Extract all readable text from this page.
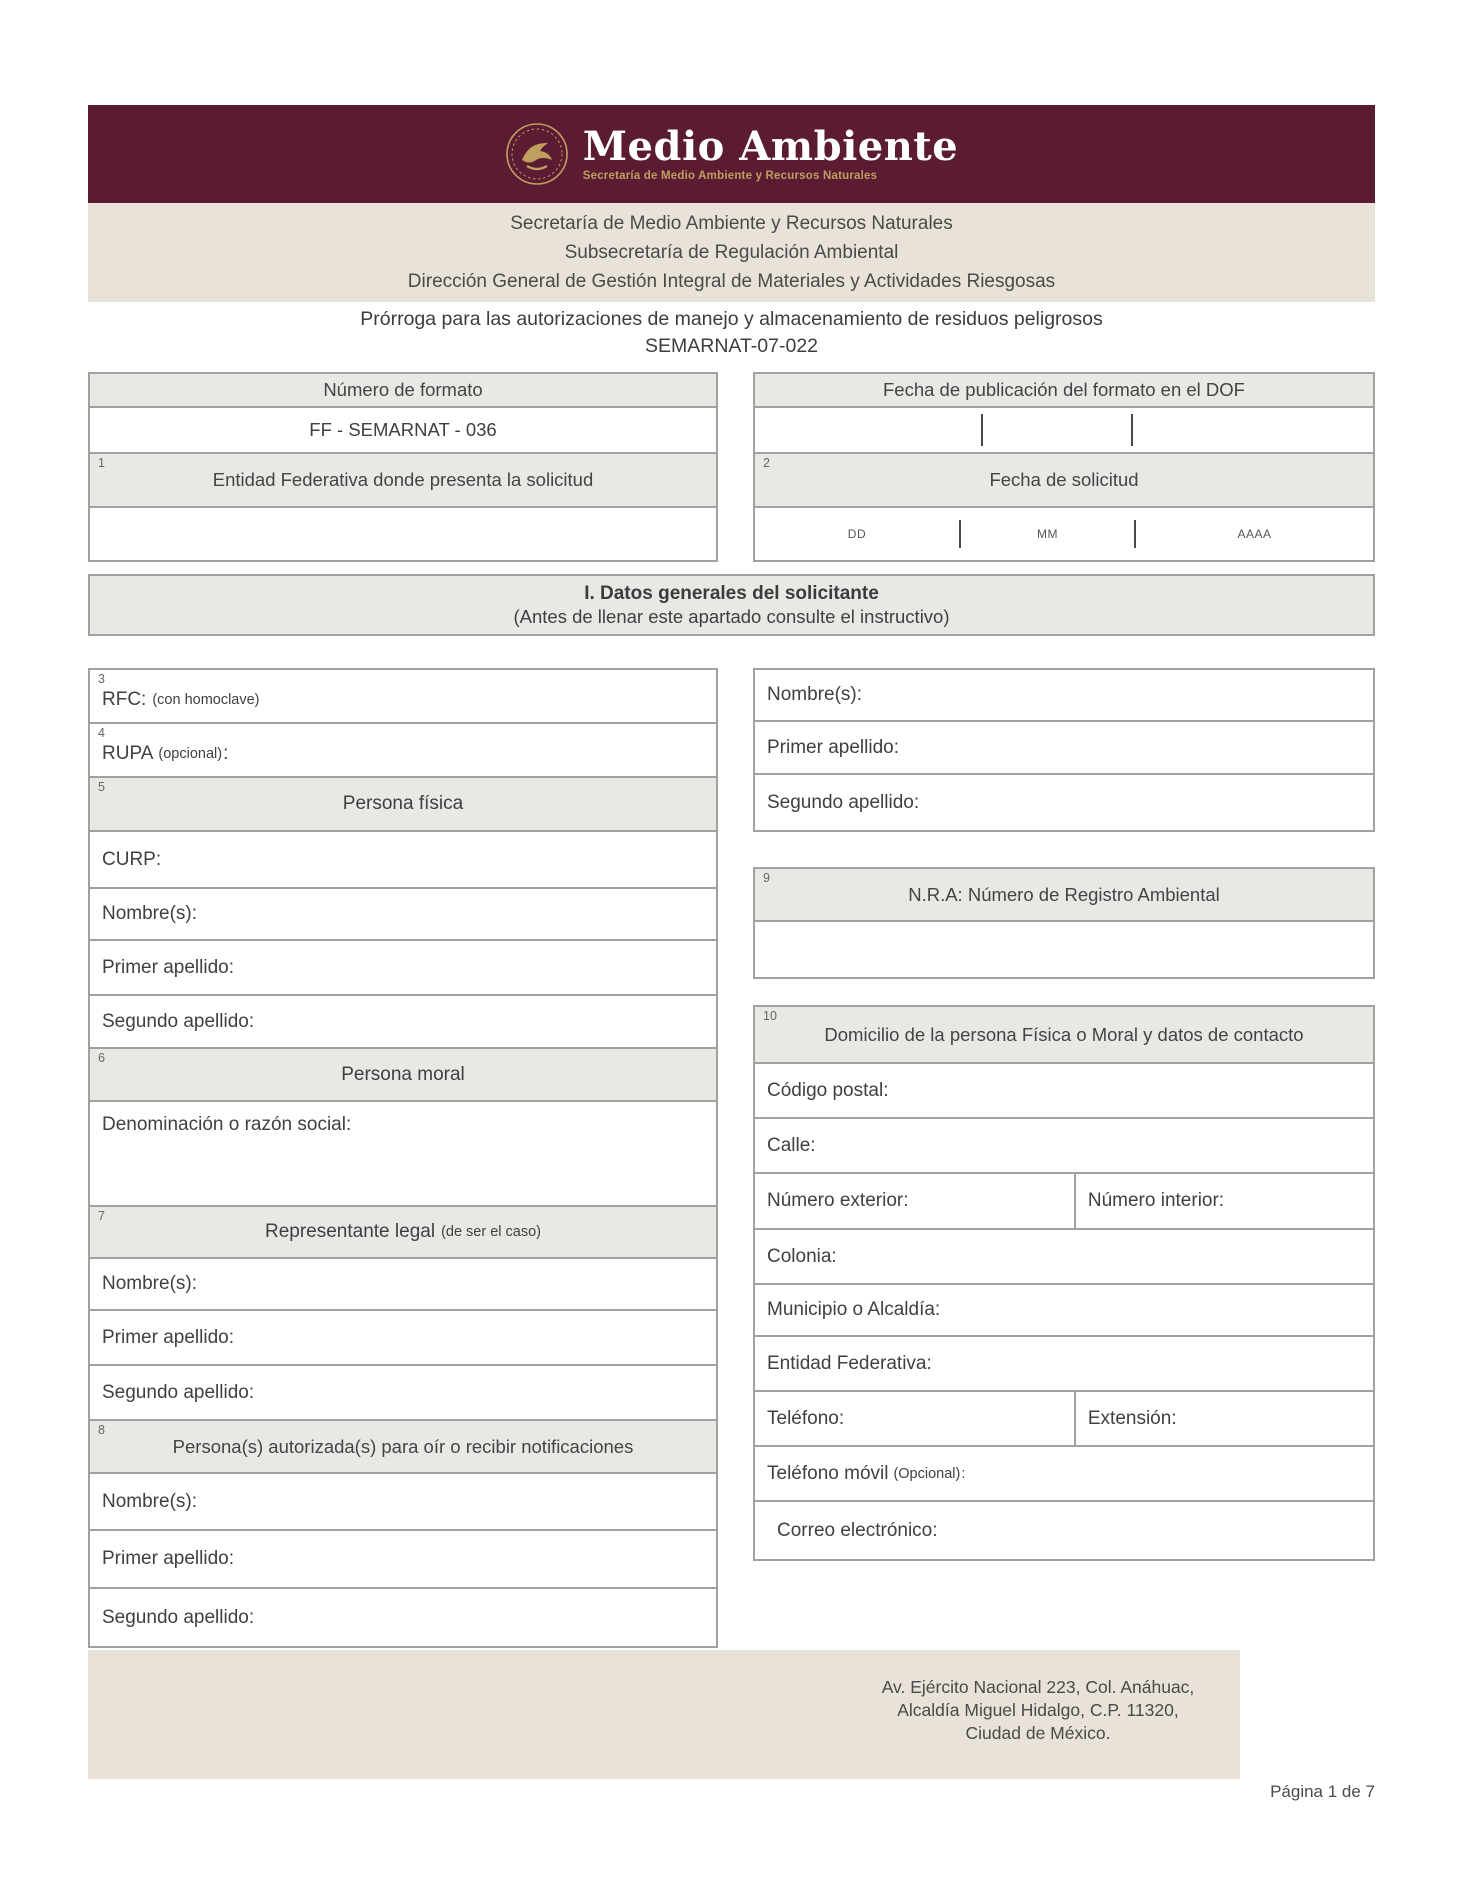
Medio Ambiente
Secretaría de Medio Ambiente y Recursos Naturales
Secretaría de Medio Ambiente y Recursos Naturales
Subsecretaría de Regulación Ambiental
Dirección General de Gestión Integral de Materiales y Actividades Riesgosas
Prórroga para las autorizaciones de manejo y almacenamiento de residuos peligrosos
SEMARNAT-07-022
Número de formato
FF - SEMARNAT - 036
1
Entidad Federativa donde presenta la solicitud
Fecha de publicación del formato en el DOF
2
Fecha de solicitud
DD	MM	AAAA
I. Datos generales del solicitante
(Antes de llenar este apartado consulte el instructivo)
3
RFC: (con homoclave)
4
RUPA (opcional) :
5
Persona física
CURP:
Nombre(s):
Primer apellido:
Segundo apellido:
6
Persona moral
Denominación o razón social:
7
Representante legal (de ser el caso)
Nombre(s):
Primer apellido:
Segundo apellido:
8
Persona(s) autorizada(s) para oír o recibir notificaciones
Nombre(s):
Primer apellido:
Segundo apellido:
Nombre(s):
Primer apellido:
Segundo apellido:
9
N.R.A: Número de Registro Ambiental
10
Domicilio de la persona Física o Moral y datos de contacto
Código postal:
Calle:
Número exterior:	Número interior:
Colonia:
Municipio o Alcaldía:
Entidad Federativa:
Teléfono:	Extensión:
Teléfono móvil (Opcional) :
Correo electrónico:
Av. Ejército Nacional 223, Col. Anáhuac,
Alcaldía Miguel Hidalgo, C.P. 11320,
Ciudad de México.
Página 1 de 7
